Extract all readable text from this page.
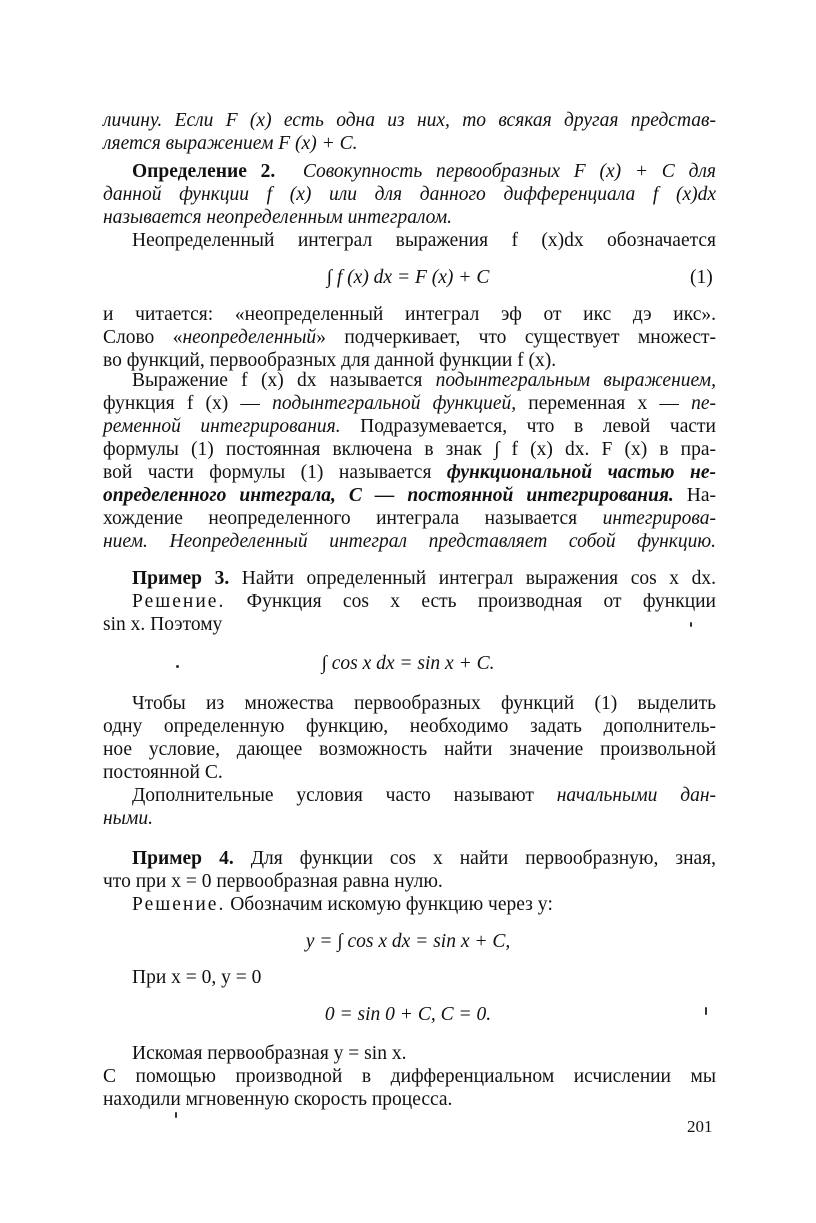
личину. Если F (x) есть одна из них, то всякая другая представ-
ляется выражением F (x) + C.
Определение 2. Совокупность первообразных F (x) + C для
данной функции f (x) или для данного дифференциала f (x)dx
называется неопределенным интегралом.
Неопределенный интеграл выражения f (x)dx обозначается
∫ f (x) dx = F (x) + C	(1)
и читается: «неопределенный интеграл эф от икс дэ икс».
Слово «неопределенный» подчеркивает, что существует множест-
во функций, первообразных для данной функции f (x).
Выражение f (x) dx называется подынтегральным выражением,
функция f (x) — подынтегральной функцией, переменная x — пе-
ременной интегрирования. Подразумевается, что в левой части
формулы (1) постоянная включена в знак ∫ f (x) dx. F (x) в пра-
вой части формулы (1) называется функциональной частью не-
определенного интеграла, C — постоянной интегрирования. На-
хождение неопределенного интеграла называется интегрирова-
нием. Неопределенный интеграл представляет собой функцию.
Пример 3. Найти определенный интеграл выражения cos x dx.
Решение. Функция cos x есть производная от функции
sin x. Поэтому
∫ cos x dx = sin x + C.
Чтобы из множества первообразных функций (1) выделить
одну определенную функцию, необходимо задать дополнитель-
ное условие, дающее возможность найти значение произвольной
постоянной C.
Дополнительные условия часто называют начальными дан-
ными.
Пример 4. Для функции cos x найти первообразную, зная,
что при x = 0 первообразная равна нулю.
Решение. Обозначим искомую функцию через y:
y = ∫ cos x dx = sin x + C,
При x = 0, y = 0
0 = sin 0 + C, C = 0.
Искомая первообразная y = sin x.
С помощью производной в дифференциальном исчислении мы
находили мгновенную скорость процесса.
201
